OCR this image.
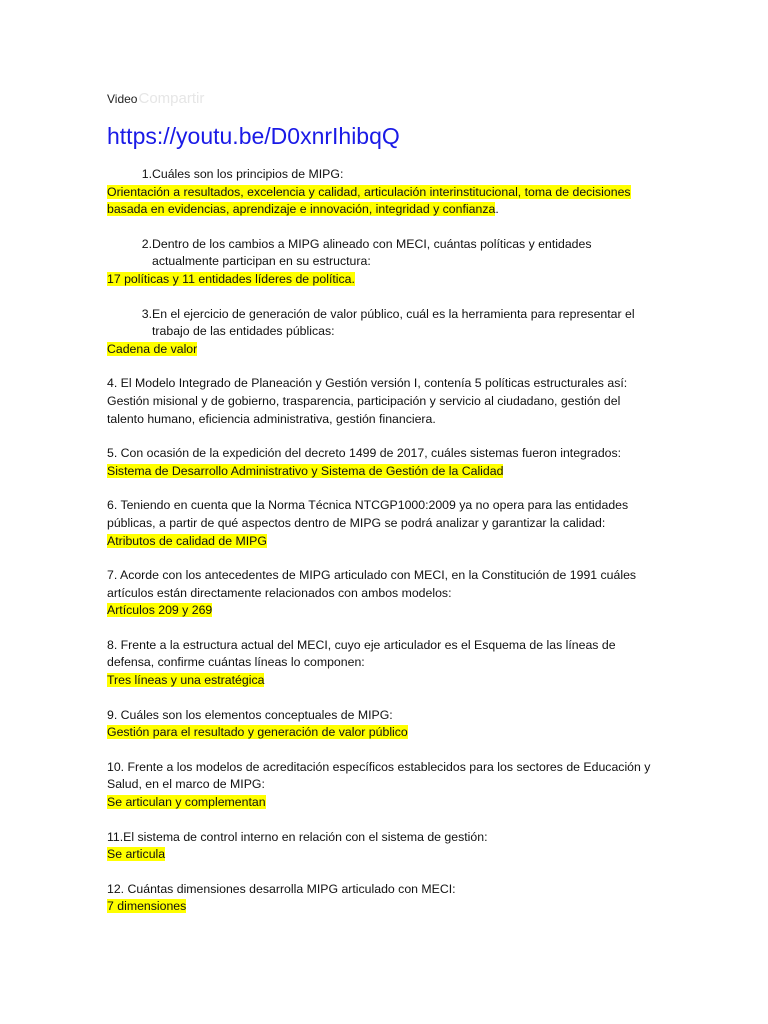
VideoCompartir
https://youtu.be/D0xnrIhibqQ
1. Cuáles son los principios de MIPG:
Orientación a resultados, excelencia y calidad, articulación interinstitucional, toma de decisiones basada en evidencias, aprendizaje e innovación, integridad y confianza.
2. Dentro de los cambios a MIPG alineado con MECI, cuántas políticas y entidades actualmente participan en su estructura:
17 políticas y 11 entidades líderes de política.
3. En el ejercicio de generación de valor público, cuál es la herramienta para representar el trabajo de las entidades públicas:
Cadena de valor
4. El Modelo Integrado de Planeación y Gestión versión I, contenía 5 políticas estructurales así: Gestión misional y de gobierno, trasparencia, participación y servicio al ciudadano, gestión del talento humano, eficiencia administrativa, gestión financiera.
5. Con ocasión de la expedición del decreto 1499 de 2017, cuáles sistemas fueron integrados:
Sistema de Desarrollo Administrativo y Sistema de Gestión de la Calidad
6. Teniendo en cuenta que la Norma Técnica NTCGP1000:2009 ya no opera para las entidades públicas, a partir de qué aspectos dentro de MIPG se podrá analizar y garantizar la calidad:
Atributos de calidad de MIPG
7. Acorde con los antecedentes de MIPG articulado con MECI, en la Constitución de 1991 cuáles artículos están directamente relacionados con ambos modelos:
Artículos 209 y 269
8. Frente a la estructura actual del MECI, cuyo eje articulador es el Esquema de las líneas de defensa, confirme cuántas líneas lo componen:
Tres líneas y una estratégica
9. Cuáles son los elementos conceptuales de MIPG:
Gestión para el resultado y generación de valor público
10. Frente a los modelos de acreditación específicos establecidos para los sectores de Educación y Salud, en el marco de MIPG:
Se articulan y complementan
11.El sistema de control interno en relación con el sistema de gestión:
Se articula
12. Cuántas dimensiones desarrolla MIPG articulado con MECI:
7 dimensiones
